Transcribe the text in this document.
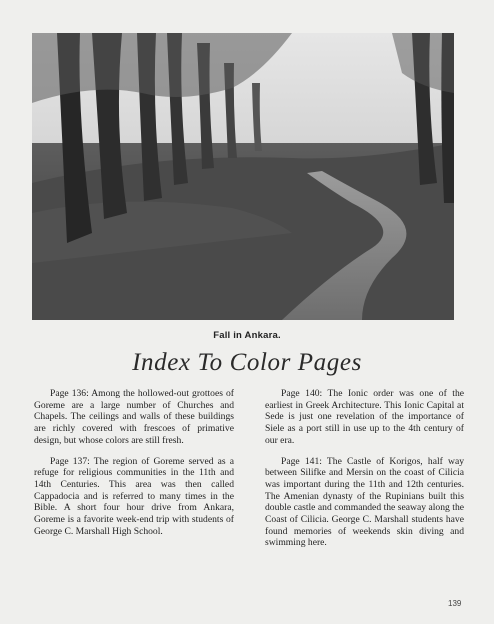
Fall in Ankara.
Index To Color Pages

Page 136: Among the hollowed-out grottoes of Goreme are a large number of Churches and Chapels. The ceilings and walls of these buildings are richly covered with frescoes of primative design, but whose colors are still fresh.

Page 137: The region of Goreme served as a refuge for religious communities in the 11th and 14th Centuries. This area was then called Cappadocia and is referred to many times in the Bible. A short four hour drive from Ankara, Goreme is a favorite week-end trip with students of George C. Marshall High School.

Page 140: The Ionic order was one of the earliest in Greek Architecture. This Ionic Capital at Sede is just one revelation of the importance of Siele as a port still in use up to the 4th century of our era.

Page 141: The Castle of Korigos, half way between Silifke and Mersin on the coast of Cilicia was important during the 11th and 12th centuries. The Amenian dynasty of the Rupinians built this double castle and commanded the seaway along the Coast of Cilicia. George C. Marshall students have found memories of weekends skin diving and swimming here.

139
